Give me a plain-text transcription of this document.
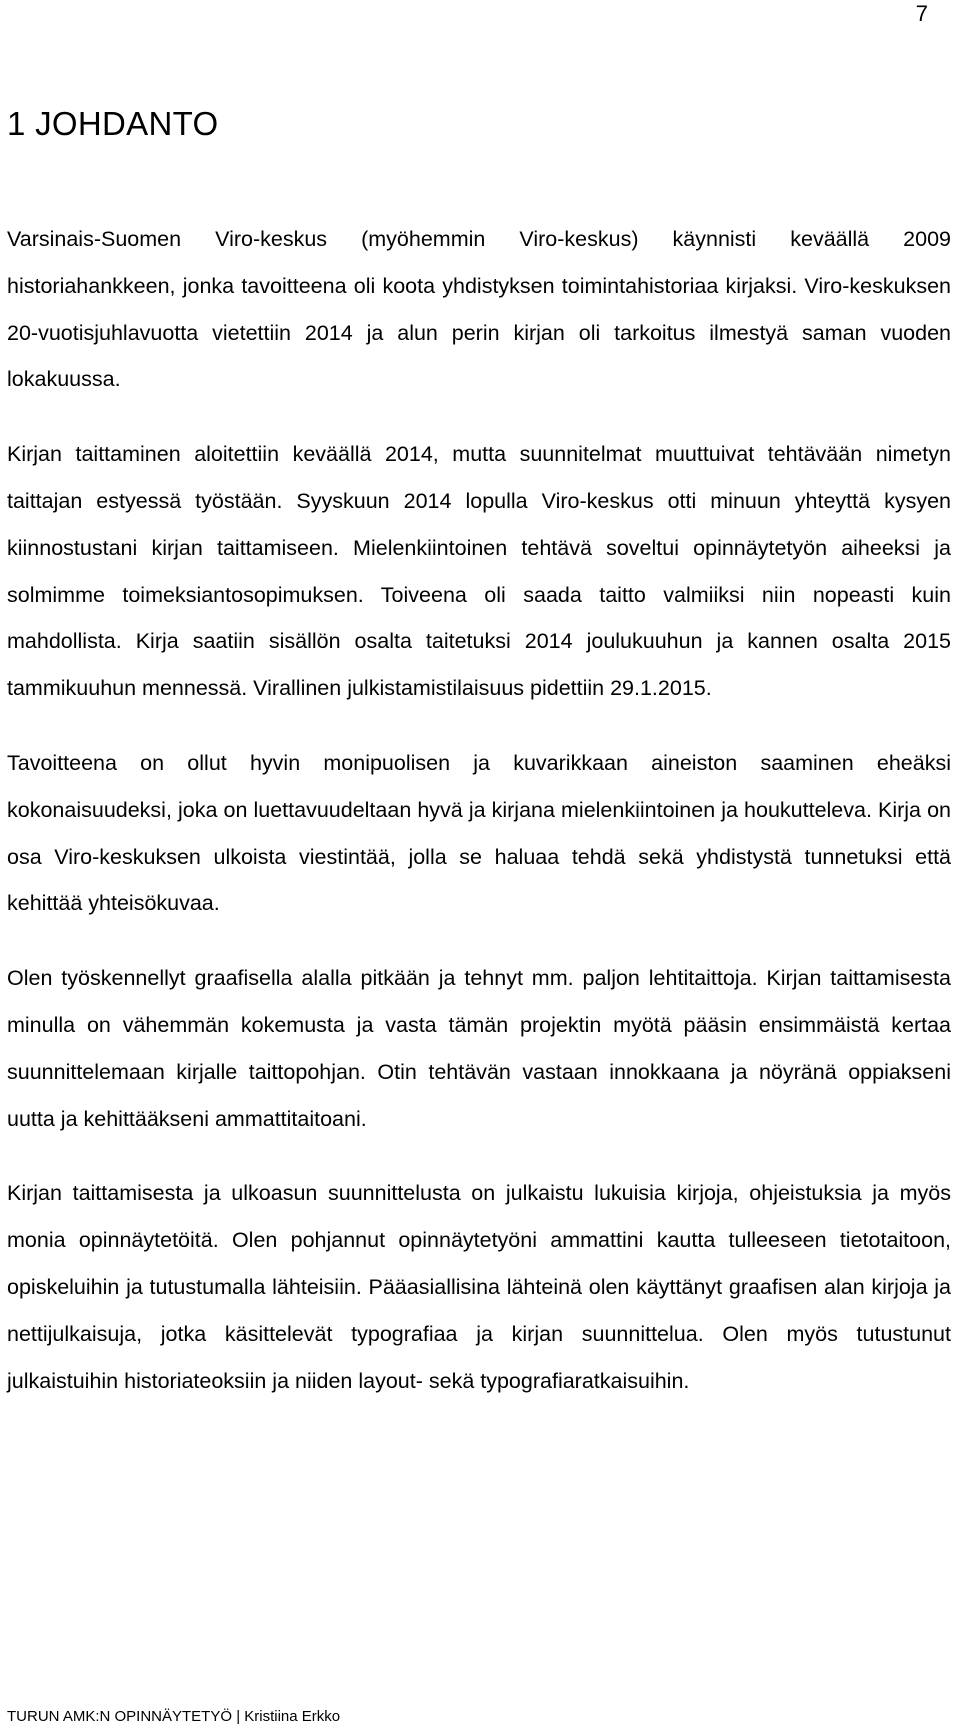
7
1 JOHDANTO

Varsinais-Suomen Viro-keskus (myöhemmin Viro-keskus) käynnisti keväällä 2009 historiahankkeen, jonka tavoitteena oli koota yhdistyksen toimintahistoriaa kirjaksi. Viro-keskuksen 20-vuotisjuhlavuotta vietettiin 2014 ja alun perin kirjan oli tarkoitus ilmestyä saman vuoden lokakuussa.

Kirjan taittaminen aloitettiin keväällä 2014, mutta suunnitelmat muuttuivat tehtävään nimetyn taittajan estyessä työstään. Syyskuun 2014 lopulla Viro-keskus otti minuun yhteyttä kysyen kiinnostustani kirjan taittamiseen. Mielenkiintoinen tehtävä soveltui opinnäytetyön aiheeksi ja solmimme toimeksiantosopimuksen. Toiveena oli saada taitto valmiiksi niin nopeasti kuin mahdollista. Kirja saatiin sisällön osalta taitetuksi 2014 joulukuuhun ja kannen osalta 2015 tammikuuhun mennessä. Virallinen julkistamistilaisuus pidettiin 29.1.2015.

Tavoitteena on ollut hyvin monipuolisen ja kuvarikkaan aineiston saaminen eheäksi kokonaisuudeksi, joka on luettavuudeltaan hyvä ja kirjana mielenkiintoinen ja houkutteleva. Kirja on osa Viro-keskuksen ulkoista viestintää, jolla se haluaa tehdä sekä yhdistystä tunnetuksi että kehittää yhteisökuvaa.

Olen työskennellyt graafisella alalla pitkään ja tehnyt mm. paljon lehtitaittoja. Kirjan taittamisesta minulla on vähemmän kokemusta ja vasta tämän projektin myötä pääsin ensimmäistä kertaa suunnittelemaan kirjalle taittopohjan. Otin tehtävän vastaan innokkaana ja nöyränä oppiakseni uutta ja kehittääkseni ammattitaitoani.

Kirjan taittamisesta ja ulkoasun suunnittelusta on julkaistu lukuisia kirjoja, ohjeistuksia ja myös monia opinnäytetöitä. Olen pohjannut opinnäytetyöni ammattini kautta tulleeseen tietotaitoon, opiskeluihin ja tutustumalla lähteisiin. Pääasiallisina lähteinä olen käyttänyt graafisen alan kirjoja ja nettijulkaisuja, jotka käsittelevät typografiaa ja kirjan suunnittelua. Olen myös tutustunut julkaistuihin historiateoksiin ja niiden layout- sekä typografiaratkaisuihin.

TURUN AMK:N OPINNÄYTETYÖ | Kristiina Erkko
